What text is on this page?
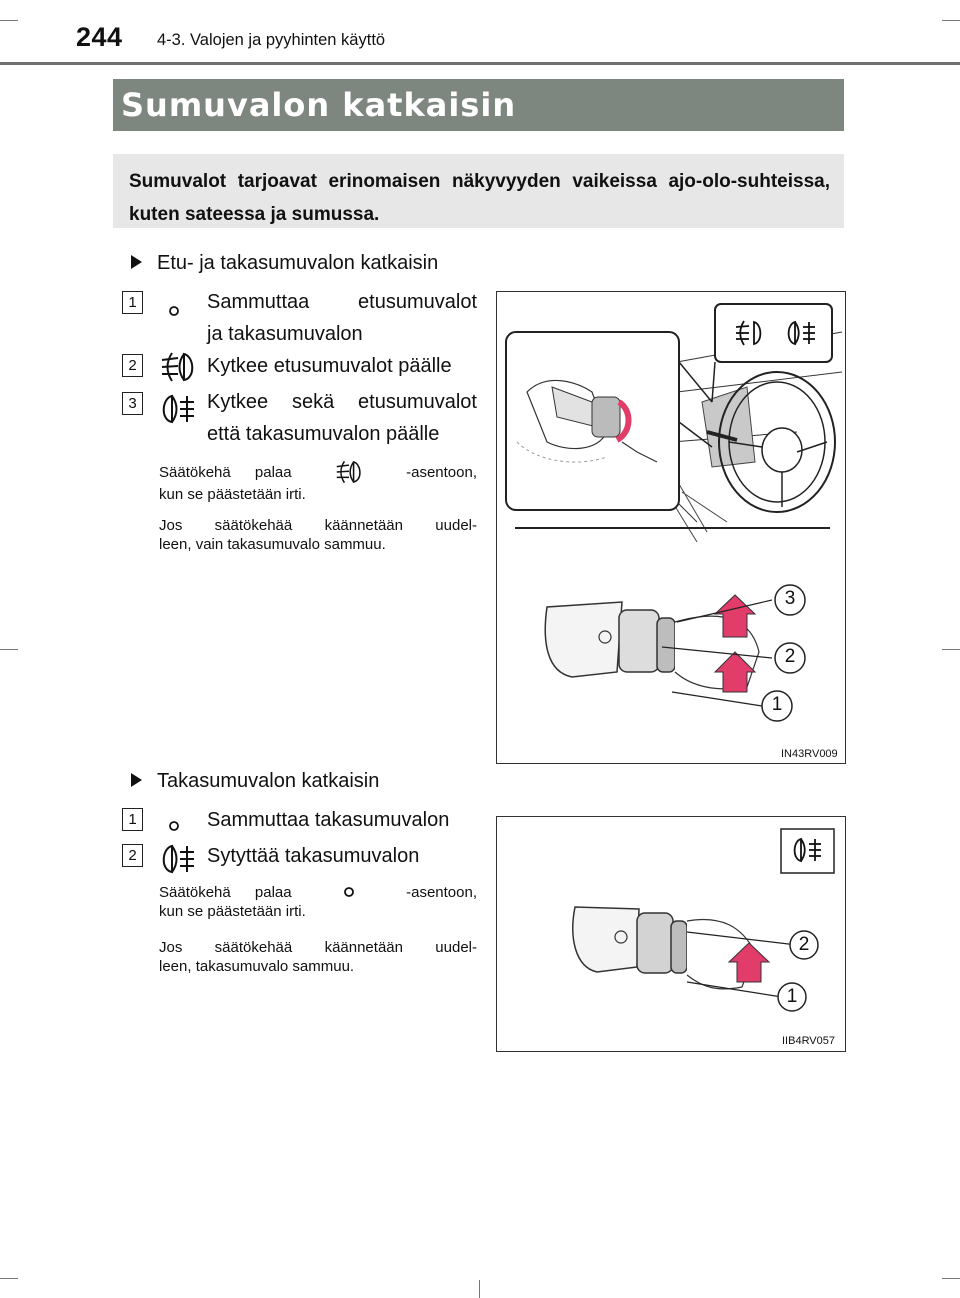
244 4-3. Valojen ja pyyhinten käyttö
Sumuvalon katkaisin

Sumuvalot tarjoavat erinomaisen näkyvyyden vaikeissa ajo-olo-suhteissa, kuten sateessa ja sumussa.

Etu- ja takasumuvalon katkaisin
1	Sammuttaa etusumuvalot
ja takasumuvalon
2	Kytkee etusumuvalot päälle
3	Kytkee sekä etusumuvalot
että takasumuvalon päälle
Säätökehä palaa	-asentoon,
kun se päästetään irti.
Jos säätökehää käännetään uudel-
leen, vain takasumuvalo sammuu.
3
2
1
IN43RV009
Takasumuvalon katkaisin
1	Sammuttaa takasumuvalon
2	Sytyttää takasumuvalon
Säätökehä palaa	-asentoon,
kun se päästetään irti.
Jos säätökehää käännetään uudel-
leen, takasumuvalo sammuu.
2
1
IIB4RV057
